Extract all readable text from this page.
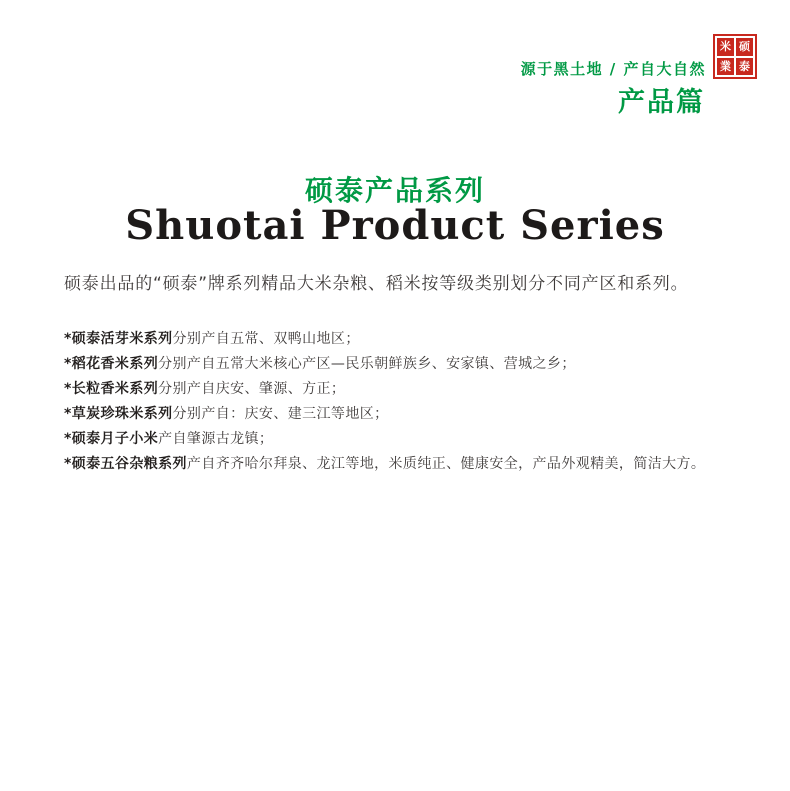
米 硕
業 泰
源于黑土地 / 产自大自然
产品篇
硕泰产品系列
Shuotai Product Series

硕泰出品的“硕泰”牌系列精品大米杂粮、稻米按等级类别划分不同产区和系列。

*硕泰活芽米系列分别产自五常、双鸭山地区；
*稻花香米系列分别产自五常大米核心产区—民乐朝鲜族乡、安家镇、营城之乡；
*长粒香米系列分别产自庆安、肇源、方正；
*草炭珍珠米系列分别产自：庆安、建三江等地区；
*硕泰月子小米产自肇源古龙镇；
*硕泰五谷杂粮系列产自齐齐哈尔拜泉、龙江等地，米质纯正、健康安全，产品外观精美，简洁大方。
